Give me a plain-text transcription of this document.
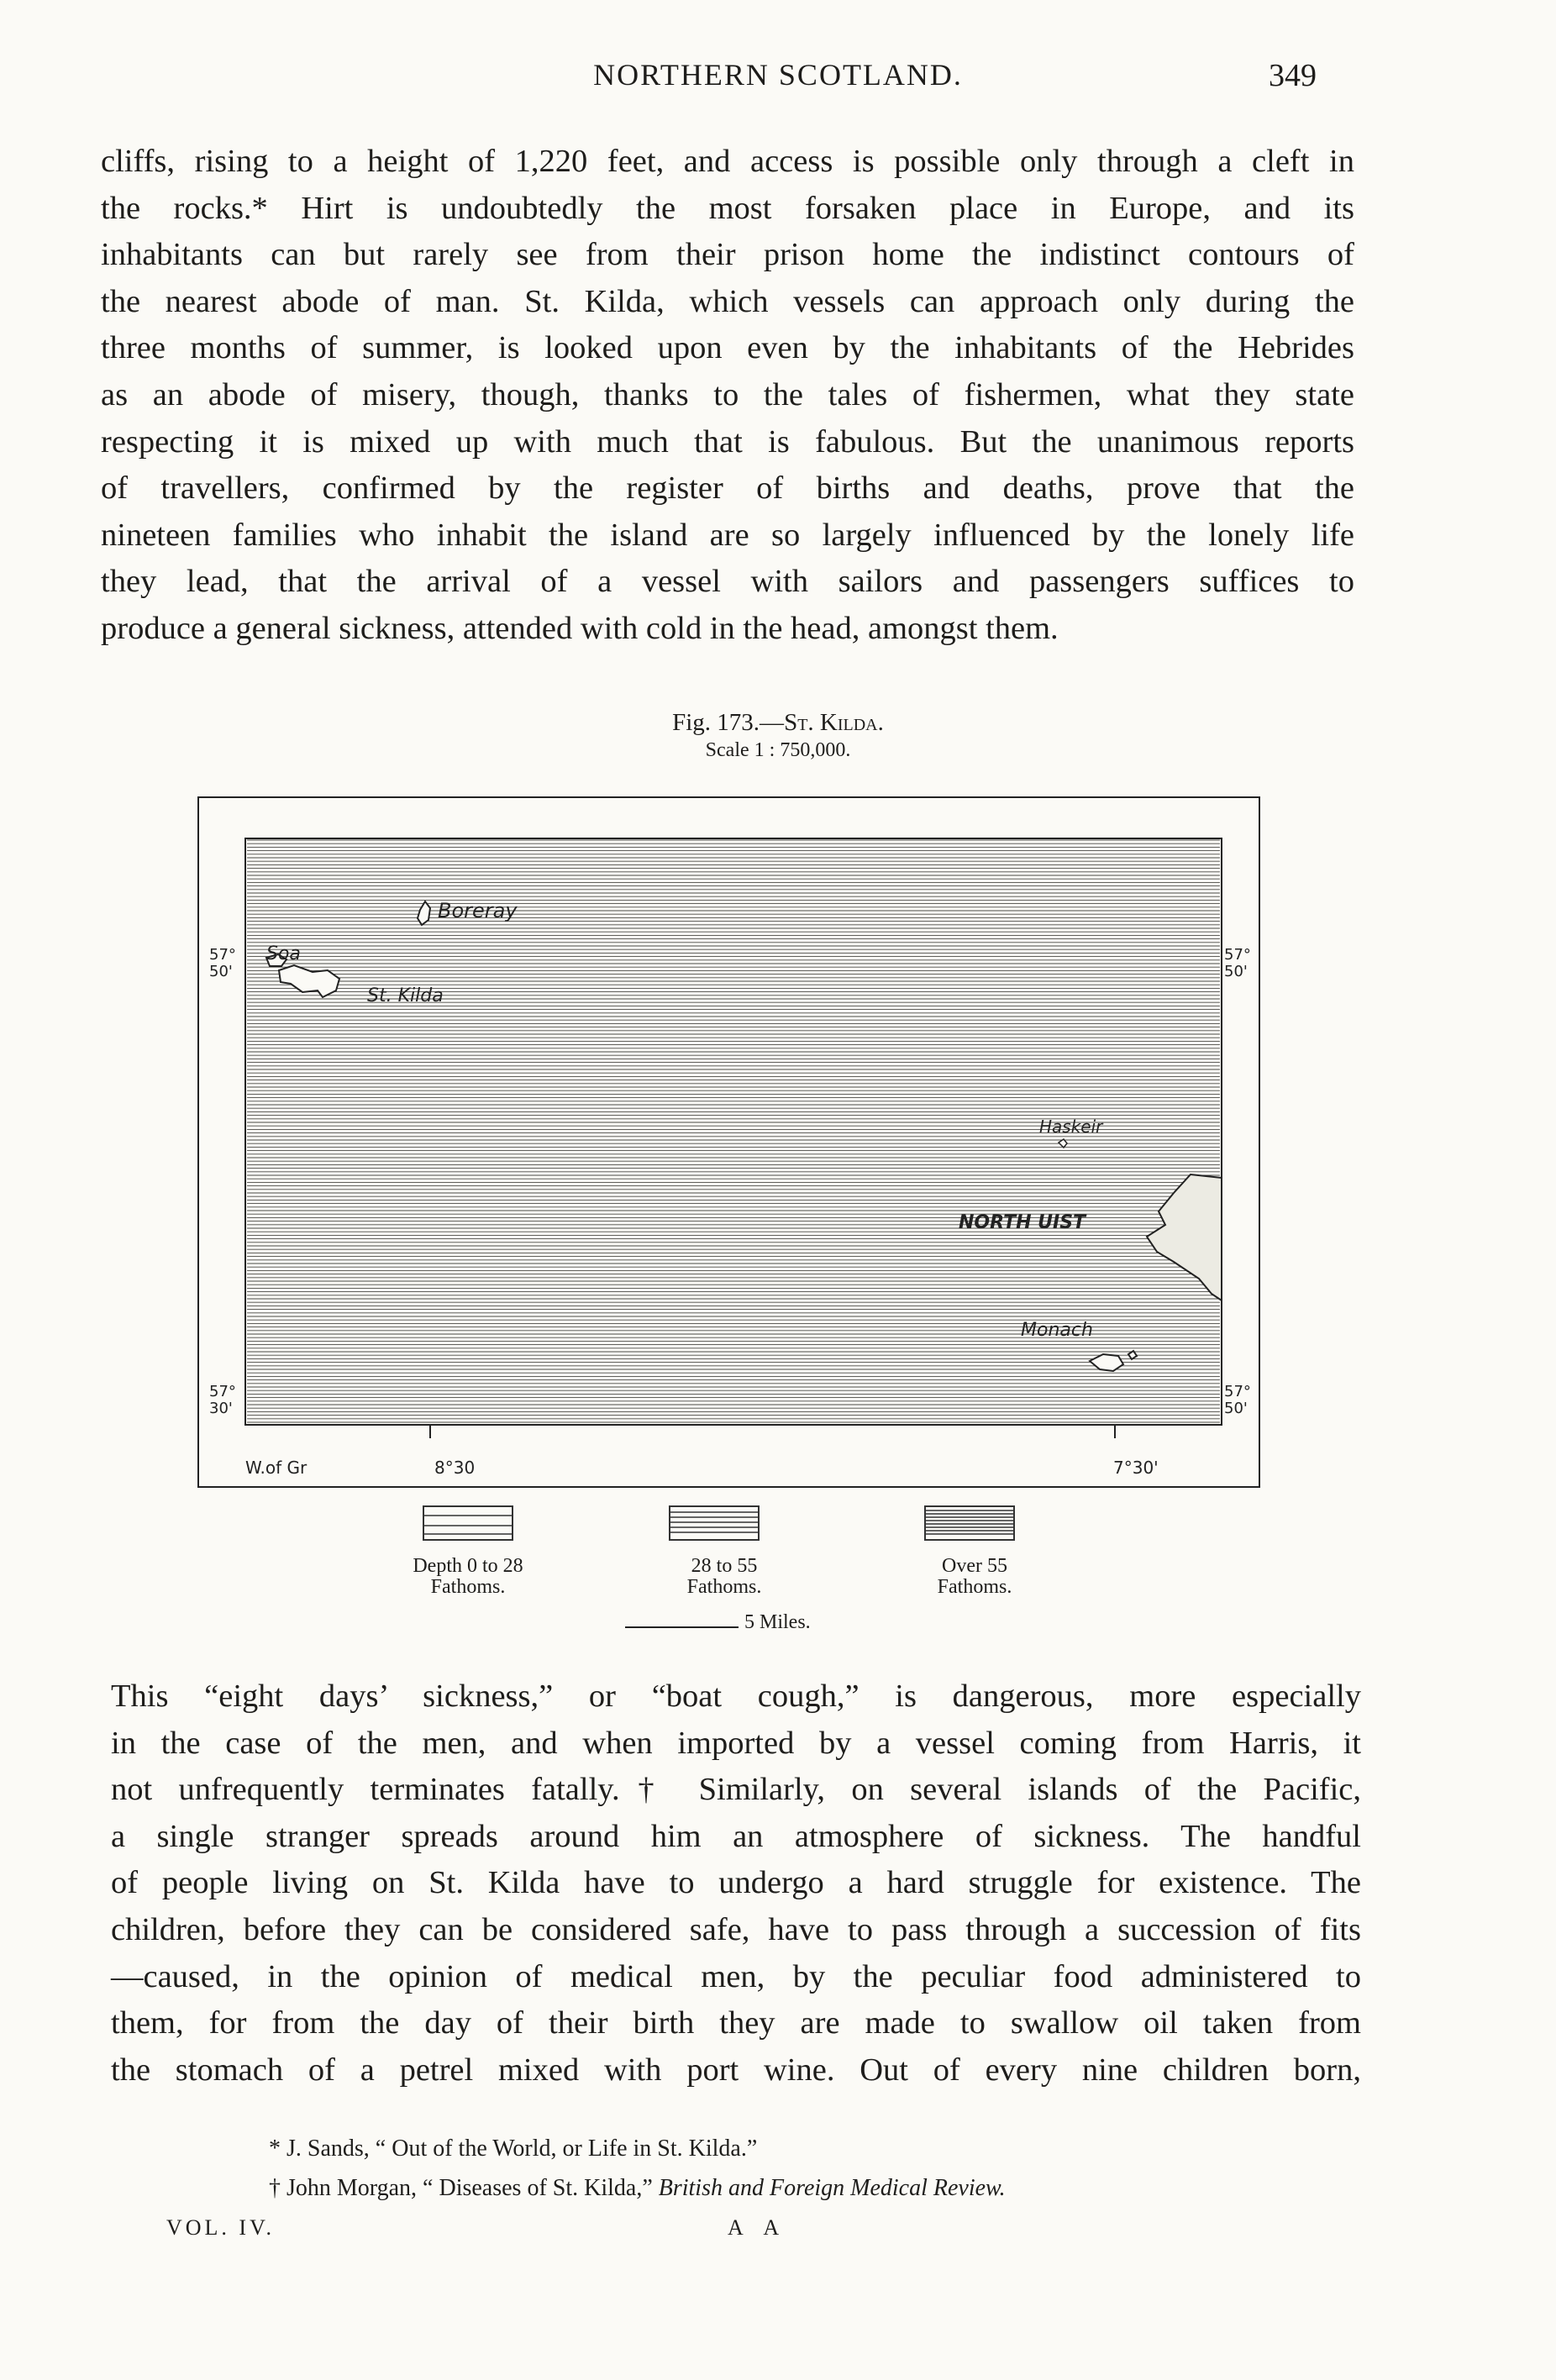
NORTHERN SCOTLAND.	349
cliffs, rising to a height of 1,220 feet, and access is possible only through a cleft in
the rocks.* Hirt is undoubtedly the most forsaken place in Europe, and its
inhabitants can but rarely see from their prison home the indistinct contours of
the nearest abode of man. St. Kilda, which vessels can approach only during the
three months of summer, is looked upon even by the inhabitants of the Hebrides
as an abode of misery, though, thanks to the tales of fishermen, what they state
respecting it is mixed up with much that is fabulous. But the unanimous reports
of travellers, confirmed by the register of births and deaths, prove that the
nineteen families who inhabit the island are so largely influenced by the lonely life
they lead, that the arrival of a vessel with sailors and passengers suffices to
produce a general sickness, attended with cold in the head, amongst them.
Fig. 173.—St. Kilda.
Scale 1 : 750,000.
Boreray
Soa
St. Kilda
Haskeir
NORTH UIST
Monach
57°
50'
57°
30'
57°
50'
57°
50'
W.of Gr	8°30	7°30'
Depth 0 to 28
Fathoms.
28 to 55
Fathoms.
Over 55
Fathoms.
5 Miles.
This “eight days’ sickness,” or “boat cough,” is dangerous, more especially
in the case of the men, and when imported by a vessel coming from Harris, it
not unfrequently terminates fatally.† Similarly, on several islands of the Pacific,
a single stranger spreads around him an atmosphere of sickness. The handful
of people living on St. Kilda have to undergo a hard struggle for existence. The
children, before they can be considered safe, have to pass through a succession of fits
—caused, in the opinion of medical men, by the peculiar food administered to
them, for from the day of their birth they are made to swallow oil taken from
the stomach of a petrel mixed with port wine. Out of every nine children born,
* J. Sands, “ Out of the World, or Life in St. Kilda.”
† John Morgan, “ Diseases of St. Kilda,” British and Foreign Medical Review.
VOL. IV.	A A
